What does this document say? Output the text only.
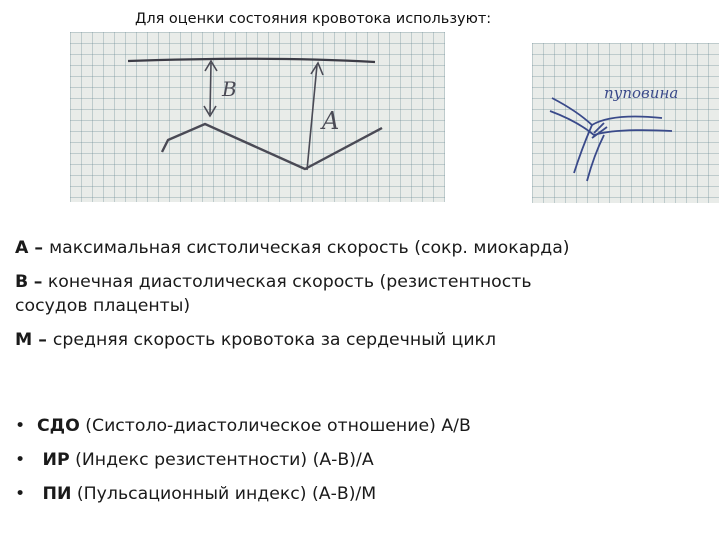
Для оценки состояния кровотока используют:
B
A
пуповина

А – максимальная систолическая скорость (сокр. миокарда)

В – конечная диастолическая скорость (резистентность
сосудов плаценты)

М – средняя скорость кровотока за сердечный цикл

• СДО (Систоло-диастолическое отношение) А/В
• ИР (Индекс резистентности) (А-В)/А
• ПИ (Пульсационный индекс) (А-В)/М
